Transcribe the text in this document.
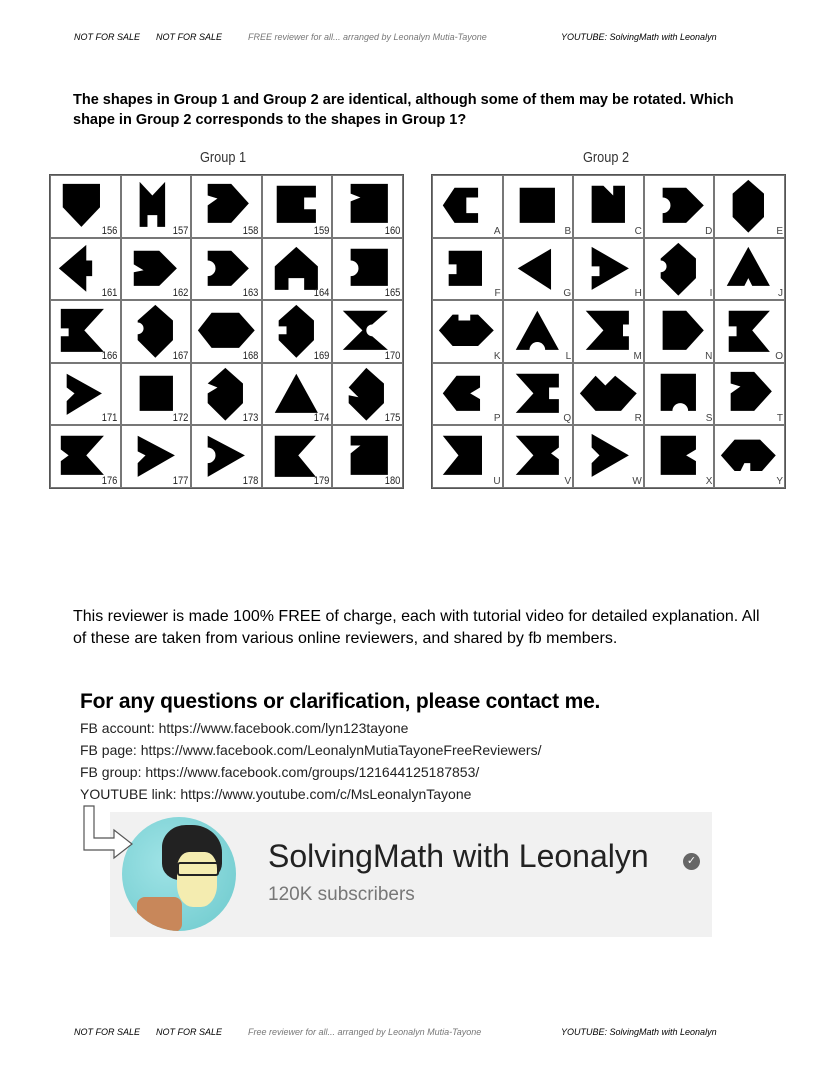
NOT FOR SALE NOT FOR SALE	FREE reviewer for all... arranged by Leonalyn Mutia-Tayone	YOUTUBE: SolvingMath with Leonalyn
The shapes in Group 1 and Group 2 are identical, although some of them may be rotated. Which shape in Group 2 corresponds to the shapes in Group 1?
Group 1	Group 2
156	157	158	159	160
161	162	163	164	165
166	167	168	169	170
171	172	173	174	175
176	177	178	179	180
A	B	C	D	E
F	G	H	I	J
K	L	M	N	O
P	Q	R	S	T
U	V	W	X	Y
This reviewer is made 100% FREE of charge, each with tutorial video for detailed explanation. All of these are taken from various online reviewers, and shared by fb members.
For any questions or clarification, please contact me.
FB account: https://www.facebook.com/lyn123tayone
FB page: https://www.facebook.com/LeonalynMutiaTayoneFreeReviewers/
FB group: https://www.facebook.com/groups/121644125187853/
YOUTUBE link: https://www.youtube.com/c/MsLeonalynTayone
SolvingMath with Leonalyn	✓
120K subscribers
NOT FOR SALE NOT FOR SALE	Free reviewer for all... arranged by Leonalyn Mutia-Tayone	YOUTUBE: SolvingMath with Leonalyn
